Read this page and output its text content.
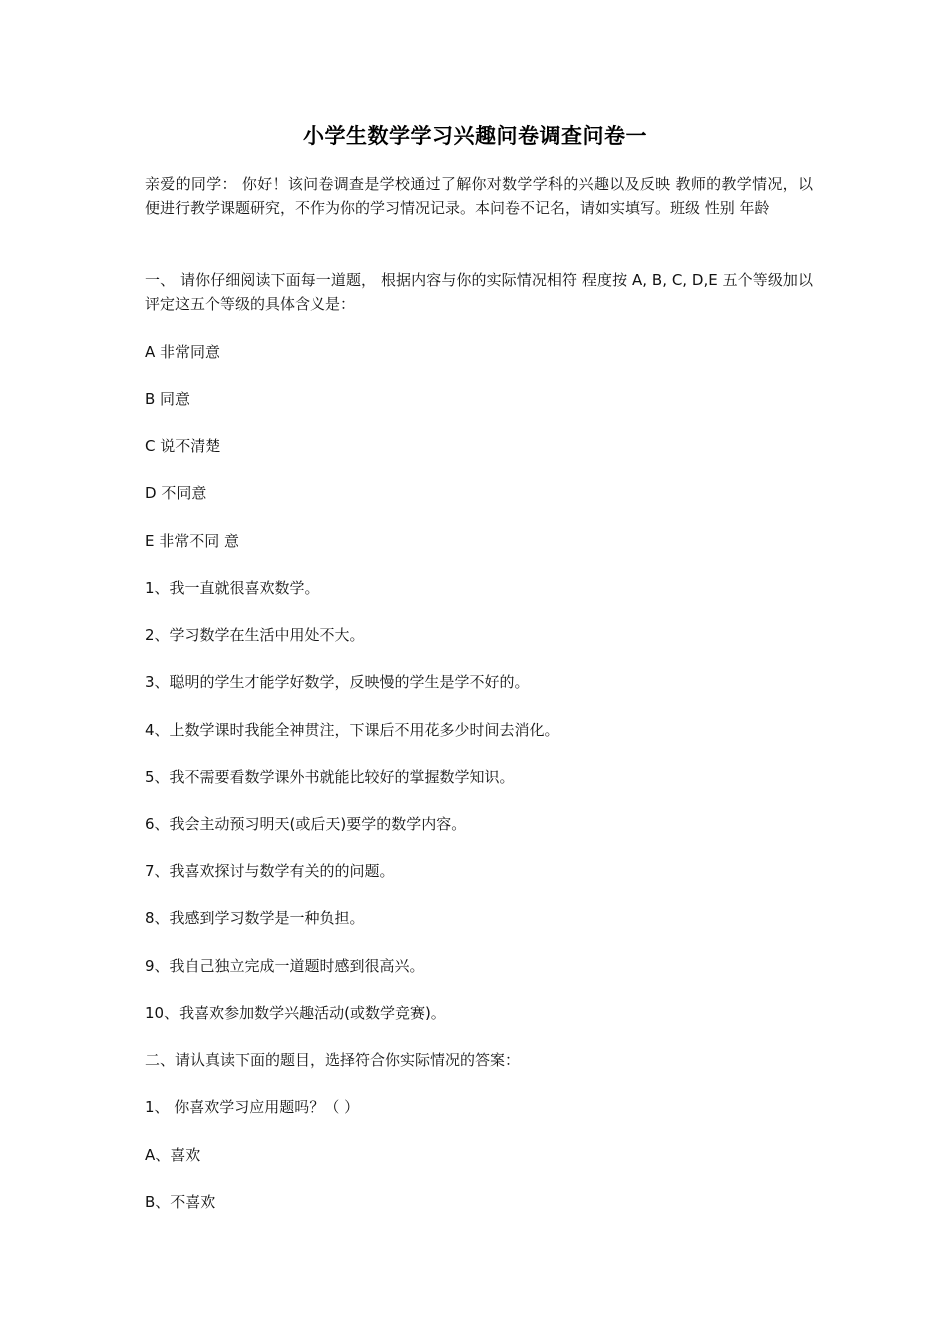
小学生数学学习兴趣问卷调查问卷一
亲爱的同学： 你好！该问卷调查是学校通过了解你对数学学科的兴趣以及反映 教师的教学情况，以便进行教学课题研究，不作为你的学习情况记录。本问卷不记名，请如实填写。班级 性别 年龄
一、 请你仔细阅读下面每一道题， 根据内容与你的实际情况相符 程度按 A, B, C, D,E 五个等级加以评定这五个等级的具体含义是：
A 非常同意
B 同意
C 说不清楚
D 不同意
E 非常不同 意
1、我一直就很喜欢数学。
2、学习数学在生活中用处不大。
3、聪明的学生才能学好数学，反映慢的学生是学不好的。
4、上数学课时我能全神贯注，下课后不用花多少时间去消化。
5、我不需要看数学课外书就能比较好的掌握数学知识。
6、我会主动预习明天(或后天)要学的数学内容。
7、我喜欢探讨与数学有关的的问题。
8、我感到学习数学是一种负担。
9、我自己独立完成一道题时感到很高兴。
10、我喜欢参加数学兴趣活动(或数学竞赛)。
二、请认真读下面的题目，选择符合你实际情况的答案：
1、 你喜欢学习应用题吗？（ ）
A、喜欢
B、不喜欢
